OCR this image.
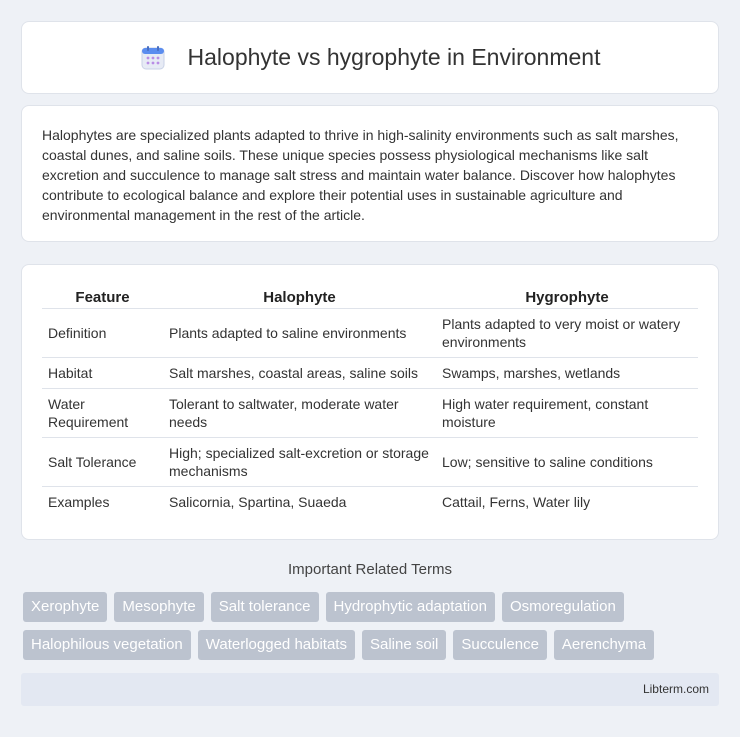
Halophyte vs hygrophyte in Environment

Halophytes are specialized plants adapted to thrive in high-salinity environments such as salt marshes, coastal dunes, and saline soils. These unique species possess physiological mechanisms like salt excretion and succulence to manage salt stress and maintain water balance. Discover how halophytes contribute to ecological balance and explore their potential uses in sustainable agriculture and environmental management in the rest of the article.

Feature	Halophyte	Hygrophyte
Definition	Plants adapted to saline environments	Plants adapted to very moist or watery environments
Habitat	Salt marshes, coastal areas, saline soils	Swamps, marshes, wetlands
Water Requirement	Tolerant to saltwater, moderate water needs	High water requirement, constant moisture
Salt Tolerance	High; specialized salt-excretion or storage mechanisms	Low; sensitive to saline conditions
Examples	Salicornia, Spartina, Suaeda	Cattail, Ferns, Water lily
Important Related Terms
Xerophyte	Mesophyte	Salt tolerance	Hydrophytic adaptation	Osmoregulation
Halophilous vegetation	Waterlogged habitats	Saline soil	Succulence	Aerenchyma
Libterm.com
